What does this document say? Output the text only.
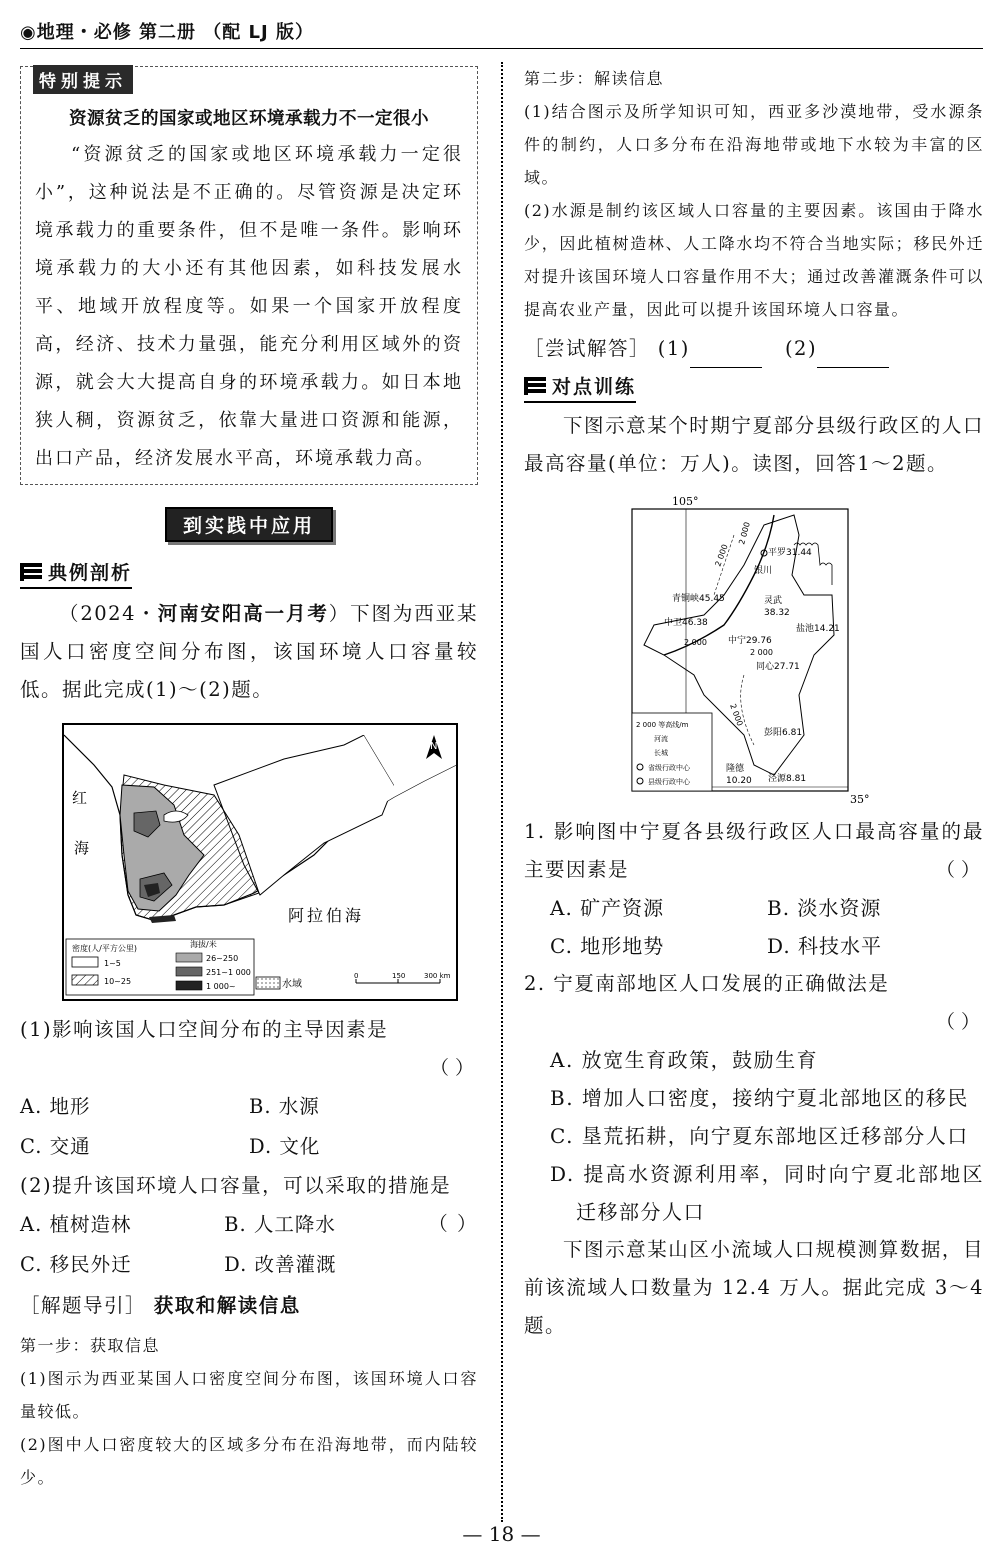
◉地理・必修 第二册 （配 LJ 版）
特别提示

资源贫乏的国家或地区环境承载力不一定很小

“资源贫乏的国家或地区环境承载力一定很小”，这种说法是不正确的。尽管资源是决定环境承载力的重要条件，但不是唯一条件。影响环境承载力的大小还有其他因素，如科技发展水平、地域开放程度等。如果一个国家开放程度高，经济、技术力量强，能充分利用区域外的资源，就会大大提高自身的环境承载力。如日本地狭人稠，资源贫乏，依靠大量进口资源和能源，出口产品，经济发展水平高，环境承载力高。

到实践中应用
典例剖析

（2024・河南安阳高一月考）下图为西亚某国人口密度空间分布图，该国环境人口容量较低。据此完成(1)～(2)题。

N
红
海
阿拉伯海
密度(人/平方公里)
1~5
10~25
海拔/米
26~250
251~1 000
1 000~	水域
0	150	300 km

(1)影响该国人口空间分布的主导因素是

（ ）

A. 地形	B. 水源
C. 交通	D. 文化

(2)提升该国环境人口容量，可以采取的措施是
（ ）

A. 植树造林	B. 人工降水
C. 移民外迁	D. 改善灌溉

［解题导引］ 获取和解读信息

第一步：获取信息

(1)图示为西亚某国人口密度空间分布图，该国环境人口容量较低。

(2)图中人口密度较大的区域多分布在沿海地带，而内陆较少。

第二步：解读信息

(1)结合图示及所学知识可知，西亚多沙漠地带，受水源条件的制约，人口多分布在沿海地带或地下水较为丰富的区域。

(2)水源是制约该区域人口容量的主要因素。该国由于降水少，因此植树造林、人工降水均不符合当地实际；移民外迁对提升该国环境人口容量作用不大；通过改善灌溉条件可以提高农业产量，因此可以提升该国环境人口容量。

［尝试解答］ (1)	(2)

对点训练

下图示意某个时期宁夏部分县级行政区的人口最高容量(单位：万人)。读图，回答1～2题。

105°
35°
2 000 等高线/m
河流
长城
省级行政中心
县级行政中心
平罗31.44
银川
灵武
38.32
青铜峡45.45
中卫46.38
中宁29.76
盐池14.21
同心27.71
彭阳6.81
隆德
10.20 泾源8.81
2 000
2 000
2 000
2 000
2 000

1. 影响图中宁夏各县级行政区人口最高容量的最主要因素是	（ ）

A. 矿产资源	B. 淡水资源
C. 地形地势	D. 科技水平

2. 宁夏南部地区人口发展的正确做法是

（ ）

A. 放宽生育政策，鼓励生育

B. 增加人口密度，接纳宁夏北部地区的移民

C. 垦荒拓耕，向宁夏东部地区迁移部分人口

D. 提高水资源利用率，同时向宁夏北部地区迁移部分人口

下图示意某山区小流域人口规模测算数据，目前该流域人口数量为 12.4 万人。据此完成 3～4 题。

— 18 —
